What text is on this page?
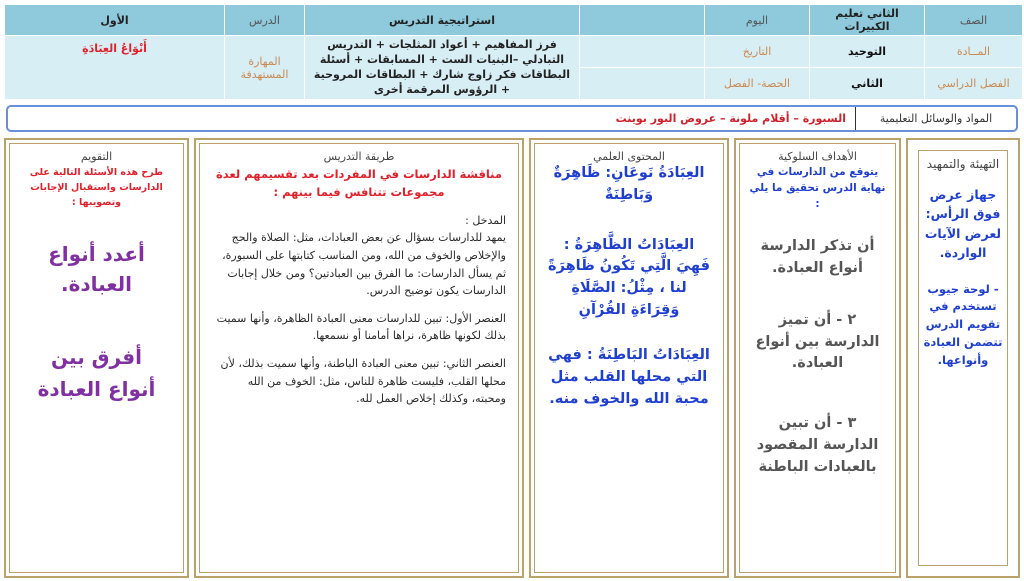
الصف	الثاني تعليم الكبيرات	اليوم		استراتيجية التدريس	الدرس	الأول
المــادة	التوحيد	التاريخ		فرز المفاهيم + أعواد المثلجات + التدريس التبادلي –البنيات الست + المسابقات + أسئلة البطاقات فكر زاوج شارك + البطاقات المروحية + الرؤوس المرقمة أخرى	المهارة المستهدفة	أَنْوَاعُ العِبَادَةِ
الفصل الدراسي	الثاني	الحصة- الفصل				
المواد والوسائل التعليمية
السبورة – أقلام ملونة – عروض البور بوينت
التهيئة والتمهيد
جهاز عرض فوق الرأس: لعرض الآيات الواردة.
- لوحة جيوب تستخدم في تقويم الدرس تتضمن العبادة وأنواعها.
الأهداف السلوكية
يتوقع من الدارسات في نهاية الدرس تحقيق ما يلي :
أن تذكر الدارسة أنواع العبادة.
٢ - أن تميز الدارسة بين أنواع العبادة.
٣ - أن تبين الدارسة المقصود بالعبادات الباطنة
المحتوى العلمي
العِبَادَةُ نَوعَانِ: ظَاهِرَةٌ وَبَاطِنَةٌ
العِبَادَاتُ الظَّاهِرَةُ : فَهِيَ الَّتِي تَكُونُ ظَاهِرَةً لنا ، مِثْلُ: الصَّلَاةِ وَقِرَاءَةِ القُرْآنِ
العِبَادَاتُ البَاطِنَةُ : فهي التي محلها القلب مثل محبة الله والخوف منه.
طريقة التدريس
مناقشة الدارسات في المفردات بعد تقسيمهم لعدة مجموعات تتنافس فيما بينهم :
المدخل :
يمهد للدارسات بسؤال عن بعض العبادات، مثل: الصلاة والحج والإخلاص والخوف من الله، ومن المناسب كتابتها على السبورة، ثم يسأل الدارسات: ما الفرق بين العبادتين؟ ومن خلال إجابات الدارسات يكون توضيح الدرس.
العنصر الأول: تبين للدارسات معنى العبادة الظاهرة، وأنها سميت بذلك لكونها ظاهرة، نراها أمامنا أو نسمعها.
العنصر الثاني: تبين معنى العبادة الباطنة، وأنها سميت بذلك، لأن محلها القلب، فليست ظاهرة للناس، مثل: الخوف من الله ومحبته، وكذلك إخلاص العمل لله.
التقويم
طرح هذه الأسئلة التالية على الدارسات واستقبال الإجابات وتصويبها :
أعدد أنواع العبادة.
أفرق بين أنواع العبادة
